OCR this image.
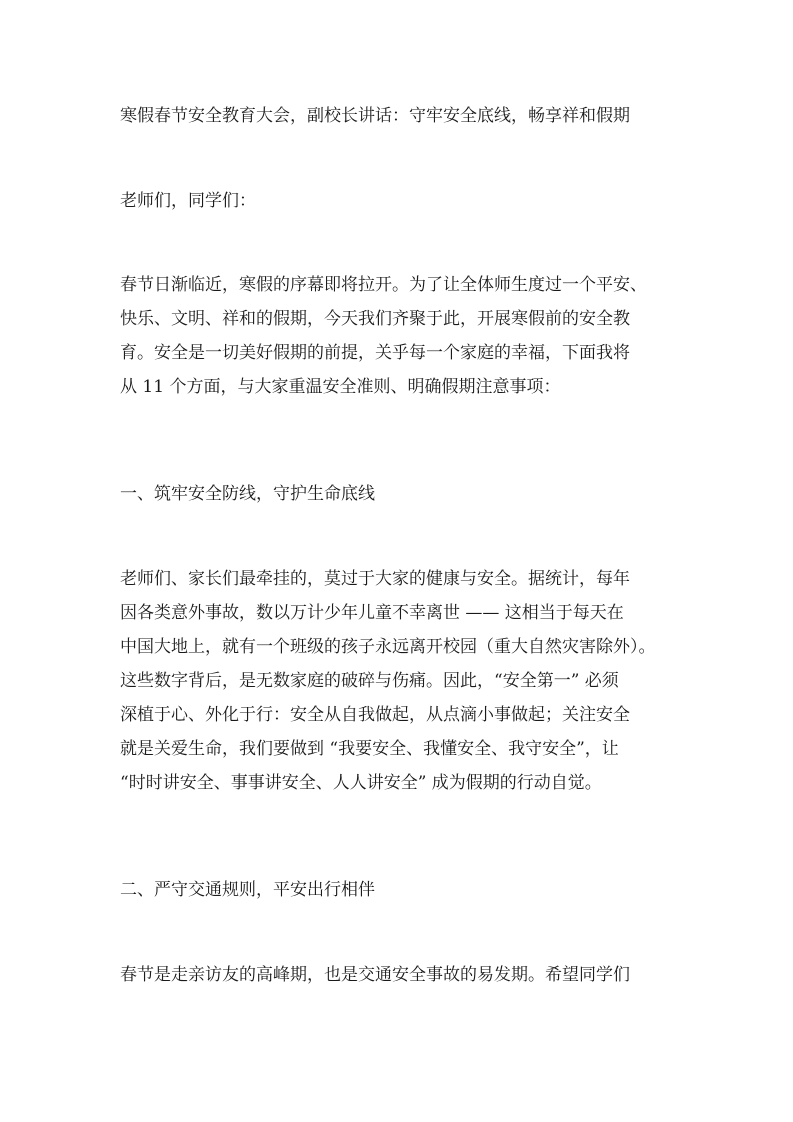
寒假春节安全教育大会，副校长讲话：守牢安全底线，畅享祥和假期
老师们，同学们：
春节日渐临近，寒假的序幕即将拉开。为了让全体师生度过一个平安、
快乐、文明、祥和的假期，今天我们齐聚于此，开展寒假前的安全教
育。安全是一切美好假期的前提，关乎每一个家庭的幸福，下面我将
从 11 个方面，与大家重温安全准则、明确假期注意事项：
一、筑牢安全防线，守护生命底线
老师们、家长们最牵挂的，莫过于大家的健康与安全。据统计，每年
因各类意外事故，数以万计少年儿童不幸离世 —— 这相当于每天在
中国大地上，就有一个班级的孩子永远离开校园（重大自然灾害除外）。
这些数字背后，是无数家庭的破碎与伤痛。因此，“安全第一” 必须
深植于心、外化于行：安全从自我做起，从点滴小事做起；关注安全
就是关爱生命，我们要做到 “我要安全、我懂安全、我守安全”，让
“时时讲安全、事事讲安全、人人讲安全” 成为假期的行动自觉。
二、严守交通规则，平安出行相伴
春节是走亲访友的高峰期，也是交通安全事故的易发期。希望同学们
